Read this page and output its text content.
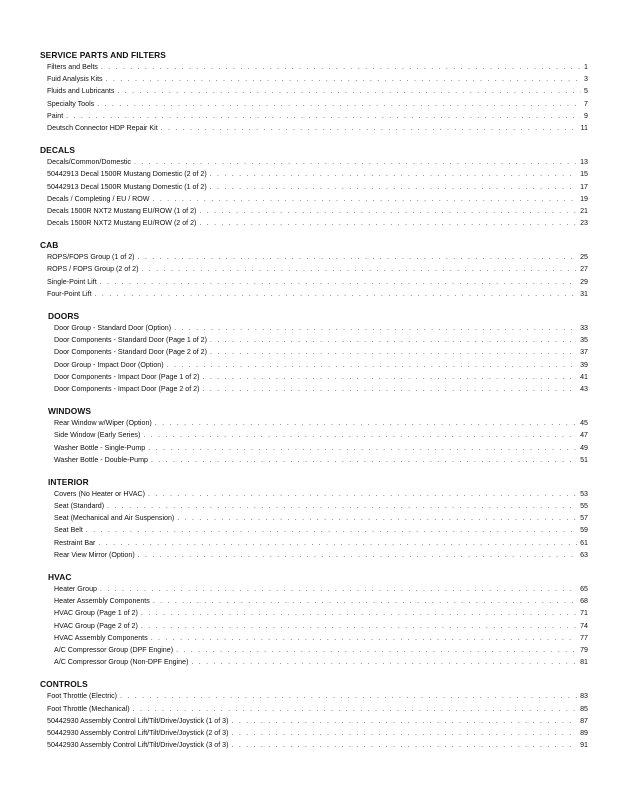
SERVICE PARTS AND FILTERS
Filters and Belts . . .	1
Fuid Analysis Kits . . .	3
Fluids and Lubricants . . .	5
Specialty Tools . . .	7
Paint . . .	9
Deutsch Connector HDP Repair Kit . . .	11
DECALS
Decals/Common/Domestic . . .	13
50442913 Decal 1500R Mustang Domestic (2 of 2) . . .	15
50442913 Decal 1500R Mustang Domestic (1 of 2) . . .	17
Decals / Completing / EU / ROW . . .	19
Decals 1500R NXT2 Mustang EU/ROW (1 of 2) . . .	21
Decals 1500R NXT2 Mustang EU/ROW (2 of 2) . . .	23
CAB
ROPS/FOPS Group (1 of 2) . . .	25
ROPS / FOPS Group (2 of 2) . . .	27
Single-Point Lift . . .	29
Four-Point Lift . . .	31
DOORS
Door Group - Standard Door (Option) . . .	33
Door Components - Standard Door (Page 1 of 2) . . .	35
Door Components - Standard Door (Page 2 of 2) . . .	37
Door Group - Impact Door (Option) . . .	39
Door Components - Impact Door (Page 1 of 2) . . .	41
Door Components - Impact Door (Page 2 of 2) . . .	43
WINDOWS
Rear Window w/Wiper (Option) . . .	45
Side Window (Early Series) . . .	47
Washer Bottle - Single-Pump . . .	49
Washer Bottle - Double-Pump . . .	51
INTERIOR
Covers (No Heater or HVAC) . . .	53
Seat (Standard) . . .	55
Seat (Mechanical and Air Suspension) . . .	57
Seat Belt . . .	59
Restraint Bar . . .	61
Rear View Mirror (Option) . . .	63
HVAC
Heater Group . . .	65
Heater Assembly Components . . .	68
HVAC Group (Page 1 of 2) . . .	71
HVAC Group (Page 2 of 2) . . .	74
HVAC Assembly Components . . .	77
A/C Compressor Group (DPF Engine) . . .	79
A/C Compressor Group (Non-DPF Engine) . . .	81
CONTROLS
Foot Throttle (Electric) . . .	83
Foot Throttle (Mechanical) . . .	85
50442930 Assembly Control Lift/Tilt/Drive/Joystick (1 of 3) . . .	87
50442930 Assembly Control Lift/Tilt/Drive/Joystick (2 of 3) . . .	89
50442930 Assembly Control Lift/Tilt/Drive/Joystick (3 of 3) . . .	91
